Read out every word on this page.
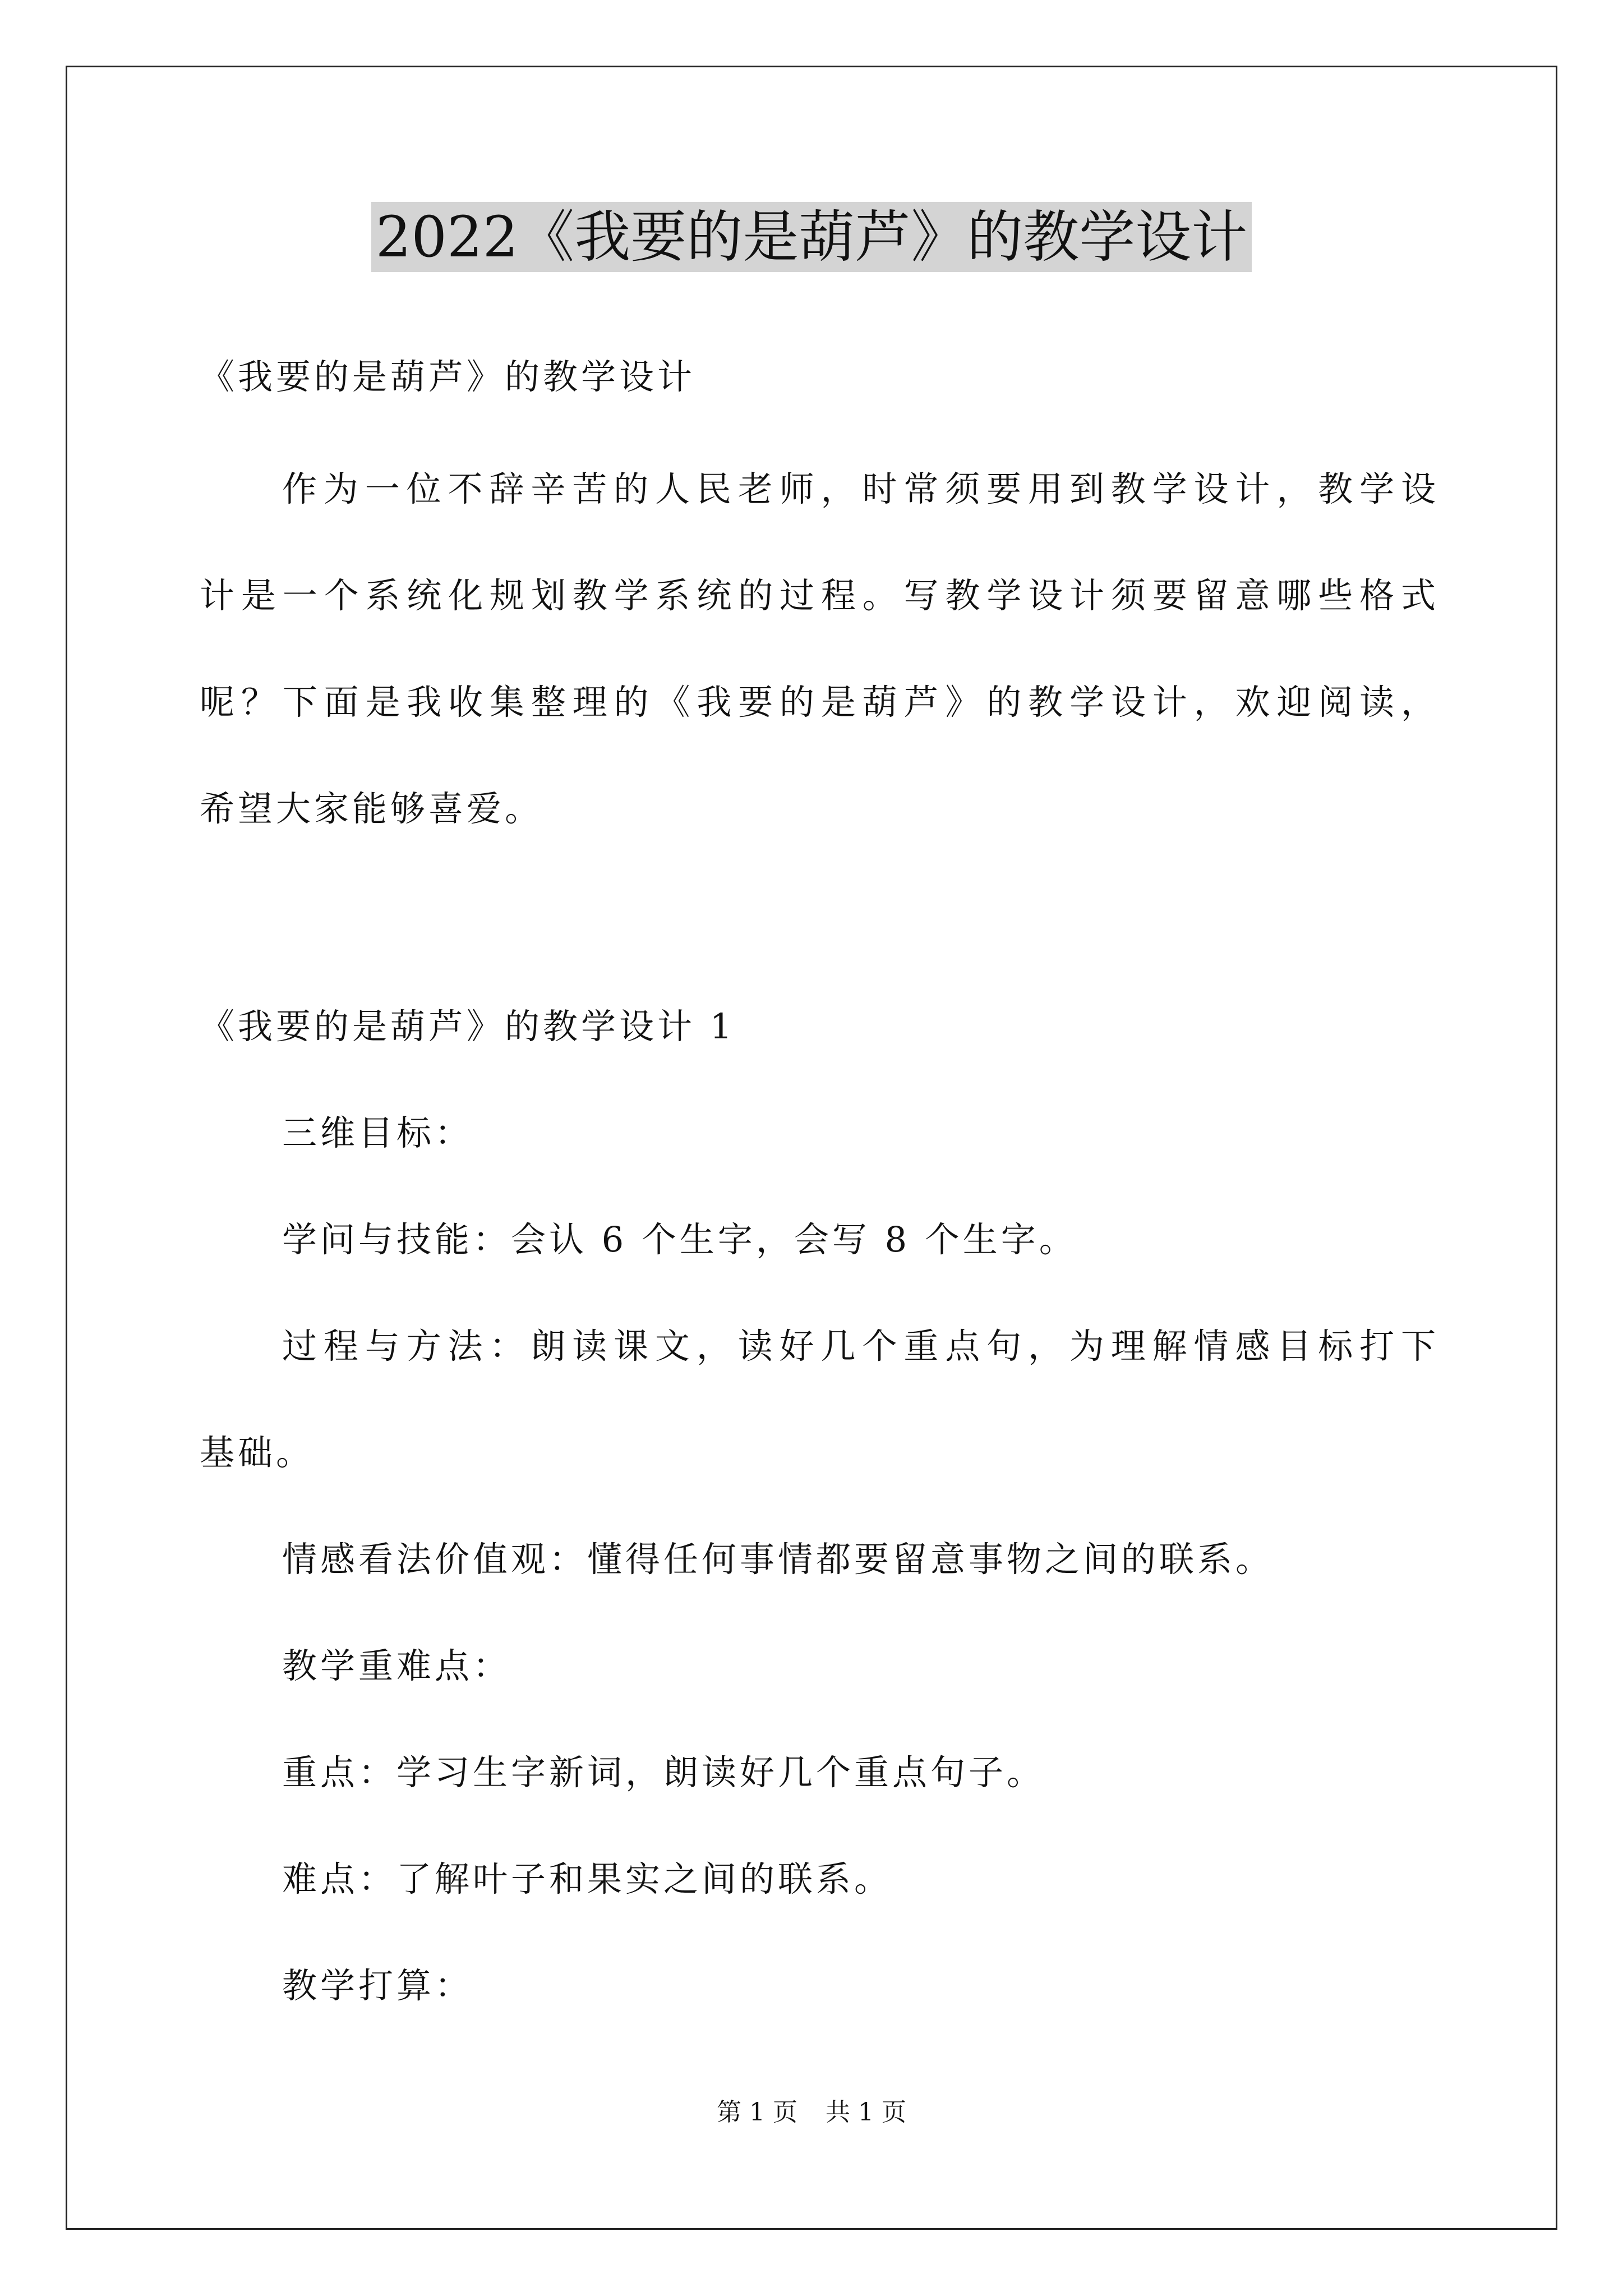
2022《我要的是葫芦》的教学设计
《我要的是葫芦》的教学设计
作为一位不辞辛苦的人民老师，时常须要用到教学设计，教学设
计是一个系统化规划教学系统的过程。写教学设计须要留意哪些格式
呢？下面是我收集整理的《我要的是葫芦》的教学设计，欢迎阅读，
希望大家能够喜爱。
《我要的是葫芦》的教学设计 1
三维目标：
学问与技能：会认 6 个生字，会写 8 个生字。
过程与方法：朗读课文，读好几个重点句，为理解情感目标打下
基础。
情感看法价值观：懂得任何事情都要留意事物之间的联系。
教学重难点：
重点：学习生字新词，朗读好几个重点句子。
难点：了解叶子和果实之间的联系。
教学打算：
第 1 页 共 1 页
